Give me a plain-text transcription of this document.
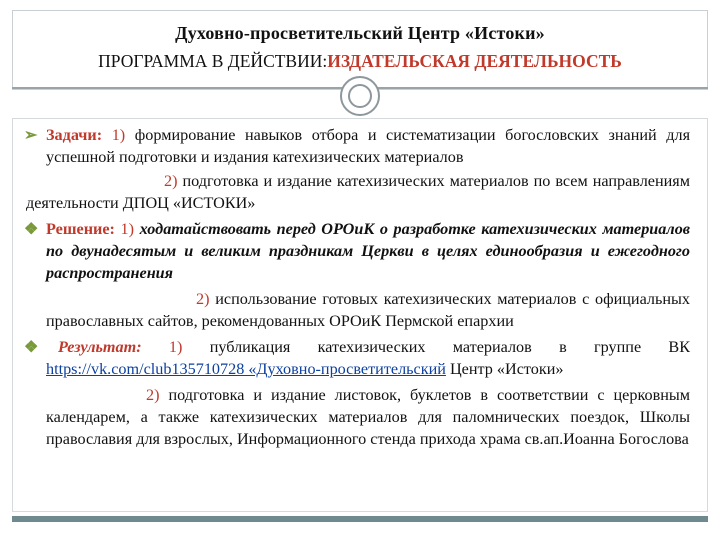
Духовно-просветительский Центр «Истоки»
ПРОГРАММА В ДЕЙСТВИИ:ИЗДАТЕЛЬСКАЯ ДЕЯТЕЛЬНОСТЬ
➢ Задачи: 1) формирование навыков отбора и систематизации богословских знаний для успешной подготовки и издания катехизических материалов
2) подготовка и издание катехизических материалов по всем направлениям деятельности ДПОЦ «ИСТОКИ»
❖ Решение: 1) ходатайствовать перед ОРОиК о разработке катехизических материалов по двунадесятым и великим праздникам Церкви в целях единообразия и ежегодного распространения
2) использование готовых катехизических материалов с официальных православных сайтов, рекомендованных ОРОиК Пермской епархии
❖ Результат: 1) публикация катехизических материалов в группе ВК https://vk.com/club135710728 «Духовно-просветительский Центр «Истоки»
2) подготовка и издание листовок, буклетов в соответствии с церковным календарем, а также катехизических материалов для паломнических поездок, Школы православия для взрослых, Информационного стенда прихода храма св.ап.Иоанна Богослова
